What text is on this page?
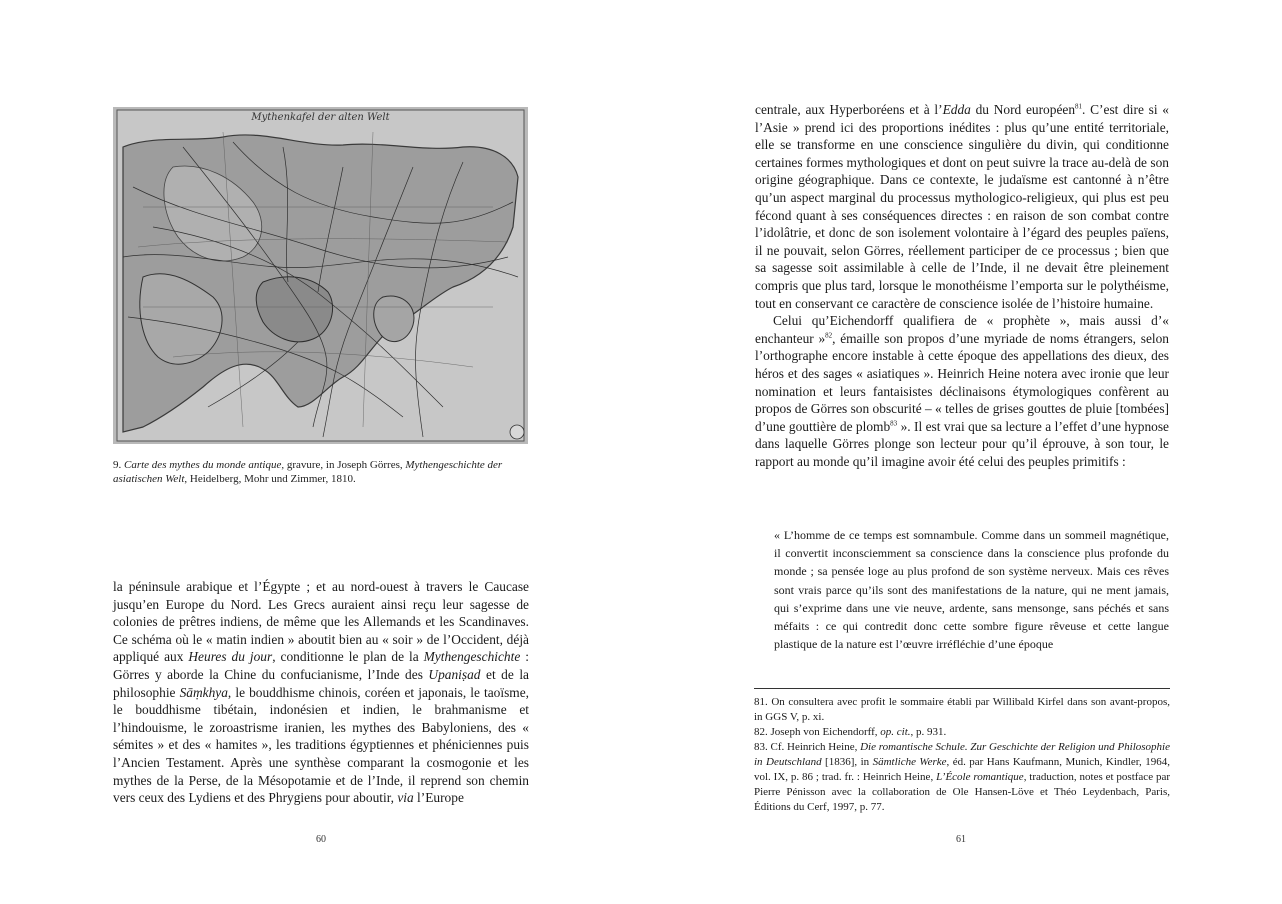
Mythenkafel der alten Welt
9. Carte des mythes du monde antique, gravure, in Joseph Görres, Mythengeschichte der asiatischen Welt, Heidelberg, Mohr und Zimmer, 1810.

la péninsule arabique et l’Égypte ; et au nord-ouest à travers le Caucase jusqu’en Europe du Nord. Les Grecs auraient ainsi reçu leur sagesse de colonies de prêtres indiens, de même que les Allemands et les Scandinaves. Ce schéma où le « matin indien » aboutit bien au « soir » de l’Occident, déjà appliqué aux Heures du jour, conditionne le plan de la Mythengeschichte : Görres y aborde la Chine du confucianisme, l’Inde des Upaniṣad et de la philosophie Sāṃkhya, le bouddhisme chinois, coréen et japonais, le taoïsme, le bouddhisme tibétain, indonésien et indien, le brahmanisme et l’hindouisme, le zoroastrisme iranien, les mythes des Babyloniens, des « sémites » et des « hamites », les traditions égyptiennes et phéniciennes puis l’Ancien Testament. Après une synthèse comparant la cosmogonie et les mythes de la Perse, de la Mésopotamie et de l’Inde, il reprend son chemin vers ceux des Lydiens et des Phrygiens pour aboutir, via l’Europe

60

centrale, aux Hyperboréens et à l’Edda du Nord européen$^{81}$. C’est dire si « l’Asie » prend ici des proportions inédites : plus qu’une entité territoriale, elle se transforme en une conscience singulière du divin, qui conditionne certaines formes mythologiques et dont on peut suivre la trace au-delà de son origine géographique. Dans ce contexte, le judaïsme est cantonné à n’être qu’un aspect marginal du processus mythologico-religieux, qui plus est peu fécond quant à ses conséquences directes : en raison de son combat contre l’idolâtrie, et donc de son isolement volontaire à l’égard des peuples païens, il ne pouvait, selon Görres, réellement participer de ce processus ; bien que sa sagesse soit assimilable à celle de l’Inde, il ne devait être pleinement compris que plus tard, lorsque le monothéisme l’emporta sur le polythéisme, tout en conservant ce caractère de conscience isolée de l’histoire humaine.

Celui qu’Eichendorff qualifiera de « prophète », mais aussi d’« enchanteur »$^{82}$, émaille son propos d’une myriade de noms étrangers, selon l’orthographe encore instable à cette époque des appellations des dieux, des héros et des sages « asiatiques ». Heinrich Heine notera avec ironie que leur nomination et leurs fantaisistes déclinaisons étymologiques confèrent au propos de Görres son obscurité – « telles de grises gouttes de pluie [tombées] d’une gouttière de plomb$^{83}$ ». Il est vrai que sa lecture a l’effet d’une hypnose dans laquelle Görres plonge son lecteur pour qu’il éprouve, à son tour, le rapport au monde qu’il imagine avoir été celui des peuples primitifs :

« L’homme de ce temps est somnambule. Comme dans un sommeil magnétique, il convertit inconsciemment sa conscience dans la conscience plus profonde du monde ; sa pensée loge au plus profond de son système nerveux. Mais ces rêves sont vrais parce qu’ils sont des manifestations de la nature, qui ne ment jamais, qui s’exprime dans une vie neuve, ardente, sans mensonge, sans péchés et sans méfaits : ce qui contredit donc cette sombre figure rêveuse et cette langue plastique de la nature est l’œuvre irréfléchie d’une époque

81. On consultera avec profit le sommaire établi par Willibald Kirfel dans son avant-propos, in GGS V, p. xi.

82. Joseph von Eichendorff, op. cit., p. 931.

83. Cf. Heinrich Heine, Die romantische Schule. Zur Geschichte der Religion und Philosophie in Deutschland [1836], in Sämtliche Werke, éd. par Hans Kaufmann, Munich, Kindler, 1964, vol. IX, p. 86 ; trad. fr. : Heinrich Heine, L’École romantique, traduction, notes et postface par Pierre Pénisson avec la collaboration de Ole Hansen-Löve et Théo Leydenbach, Paris, Éditions du Cerf, 1997, p. 77.

61
